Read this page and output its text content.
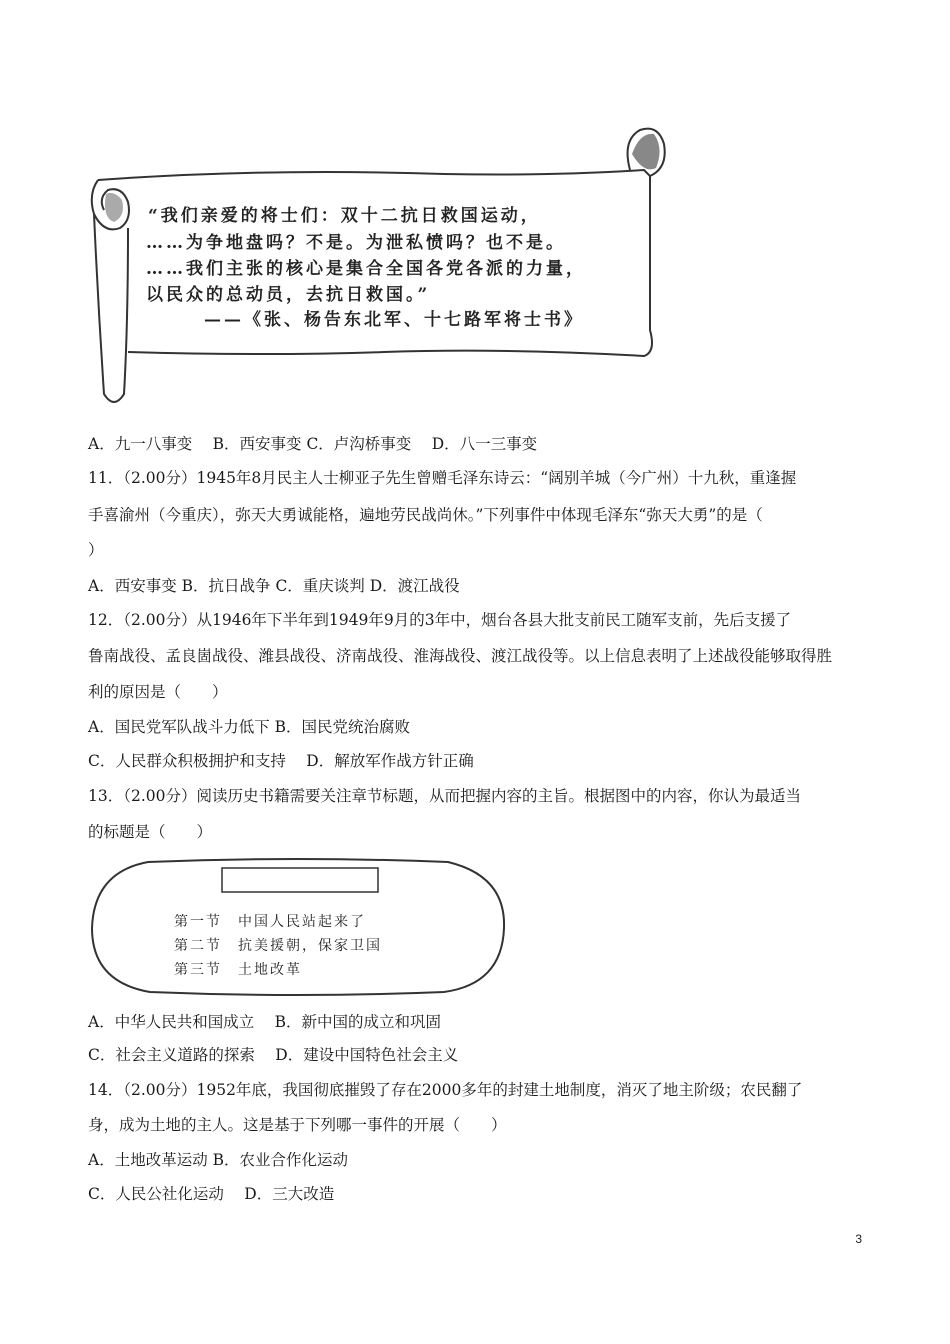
“我们亲爱的将士们：双十二抗日救国运动，
……为争地盘吗？不是。为泄私愤吗？也不是。
……我们主张的核心是集合全国各党各派的力量，
以民众的总动员，去抗日救国。”
——《张、杨告东北军、十七路军将士书》
A．九一八事变　 B．西安事变 C．卢沟桥事变　 D．八一三事变
11．（2.00分）1945年8月民主人士柳亚子先生曾赠毛泽东诗云：“阔别羊城（今广州）十九秋，重逢握
手喜渝州（今重庆），弥天大勇诚能格，遍地劳民战尚休。”下列事件中体现毛泽东“弥天大勇”的是（
）
A．西安事变 B．抗日战争 C．重庆谈判 D．渡江战役
12．（2.00分）从1946年下半年到1949年9月的3年中，烟台各县大批支前民工随军支前，先后支援了
鲁南战役、孟良崮战役、潍县战役、济南战役、淮海战役、渡江战役等。以上信息表明了上述战役能够取得胜
利的原因是（　　）
A．国民党军队战斗力低下 B．国民党统治腐败
C．人民群众积极拥护和支持　 D．解放军作战方针正确
13．（2.00分）阅读历史书籍需要关注章节标题，从而把握内容的主旨。根据图中的内容，你认为最适当
的标题是（　　）
第一节　中国人民站起来了
第二节　抗美援朝，保家卫国
第三节　土地改革
A．中华人民共和国成立　 B．新中国的成立和巩固
C．社会主义道路的探索　 D．建设中国特色社会主义
14．（2.00分）1952年底，我国彻底摧毁了存在2000多年的封建土地制度，消灭了地主阶级；农民翻了
身，成为土地的主人。这是基于下列哪一事件的开展（　　）
A．土地改革运动 B．农业合作化运动
C．人民公社化运动　 D．三大改造
3
